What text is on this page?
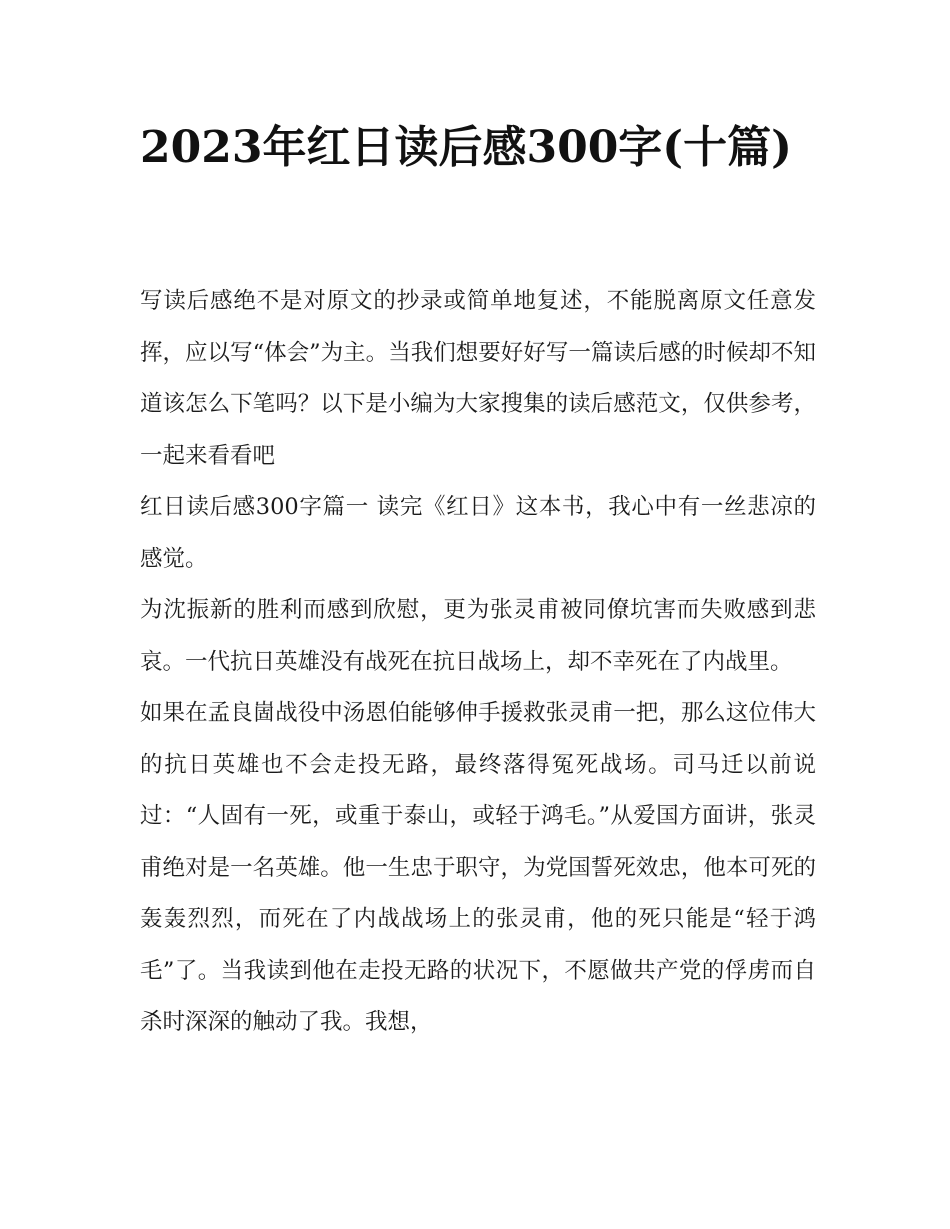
2023年红日读后感300字(十篇)

写读后感绝不是对原文的抄录或简单地复述，不能脱离原文任意发挥，应以写“体会”为主。当我们想要好好写一篇读后感的时候却不知道该怎么下笔吗？以下是小编为大家搜集的读后感范文，仅供参考，一起来看看吧

红日读后感300字篇一 读完《红日》这本书，我心中有一丝悲凉的感觉。

为沈振新的胜利而感到欣慰，更为张灵甫被同僚坑害而失败感到悲哀。一代抗日英雄没有战死在抗日战场上，却不幸死在了内战里。

如果在孟良崮战役中汤恩伯能够伸手援救张灵甫一把，那么这位伟大的抗日英雄也不会走投无路，最终落得冤死战场。司马迁以前说过：“人固有一死，或重于泰山，或轻于鸿毛。”从爱国方面讲，张灵甫绝对是一名英雄。他一生忠于职守，为党国誓死效忠，他本可死的轰轰烈烈，而死在了内战战场上的张灵甫，他的死只能是“轻于鸿毛”了。当我读到他在走投无路的状况下，不愿做共产党的俘虏而自杀时深深的触动了我。我想，
